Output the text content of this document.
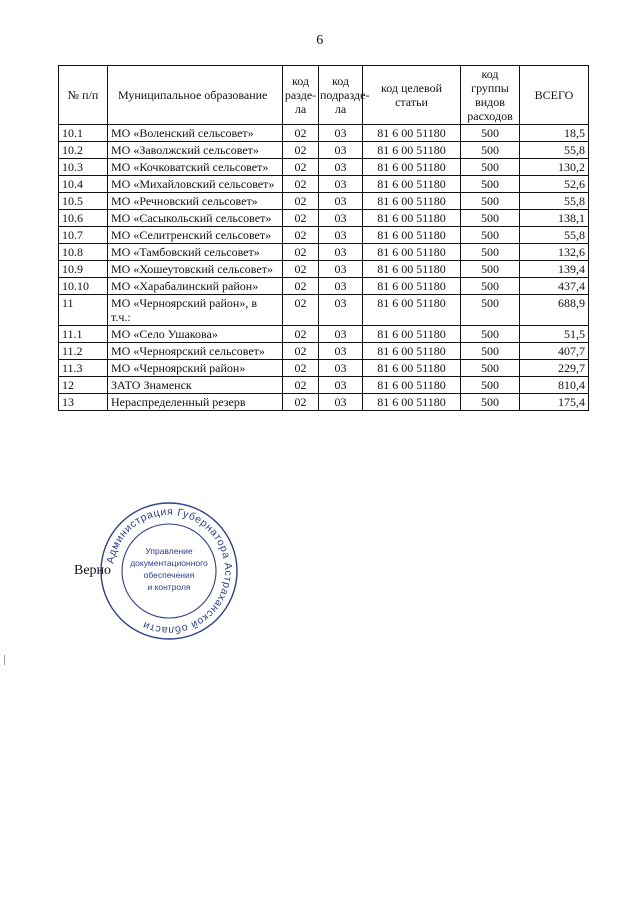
6
№ п/п	Муниципальное образование	код разде-ла	код подразде-ла	код целевой статьи	код группы видов расходов	ВСЕГО
10.1	МО «Воленский сельсовет»	02	03	81 6 00 51180	500	18,5
10.2	МО «Заволжский сельсовет»	02	03	81 6 00 51180	500	55,8
10.3	МО «Кочковатский сельсовет»	02	03	81 6 00 51180	500	130,2
10.4	МО «Михайловский сельсовет»	02	03	81 6 00 51180	500	52,6
10.5	МО «Речновский сельсовет»	02	03	81 6 00 51180	500	55,8
10.6	МО «Сасыкольский сельсовет»	02	03	81 6 00 51180	500	138,1
10.7	МО «Селитренский сельсовет»	02	03	81 6 00 51180	500	55,8
10.8	МО «Тамбовский сельсовет»	02	03	81 6 00 51180	500	132,6
10.9	МО «Хошеутовский сельсовет»	02	03	81 6 00 51180	500	139,4
10.10	МО «Харабалинский район»	02	03	81 6 00 51180	500	437,4
11	МО «Черноярский район», в т.ч.:	02	03	81 6 00 51180	500	688,9
11.1	МО «Село Ушакова»	02	03	81 6 00 51180	500	51,5
11.2	МО «Черноярский сельсовет»	02	03	81 6 00 51180	500	407,7
11.3	МО «Черноярский район»	02	03	81 6 00 51180	500	229,7
12	ЗАТО Знаменск	02	03	81 6 00 51180	500	810,4
13	Нераспределенный резерв	02	03	81 6 00 51180	500	175,4
Администрация Губернатора Астраханской области
Управление
документационного
обеспечения
и контроля
Верно
